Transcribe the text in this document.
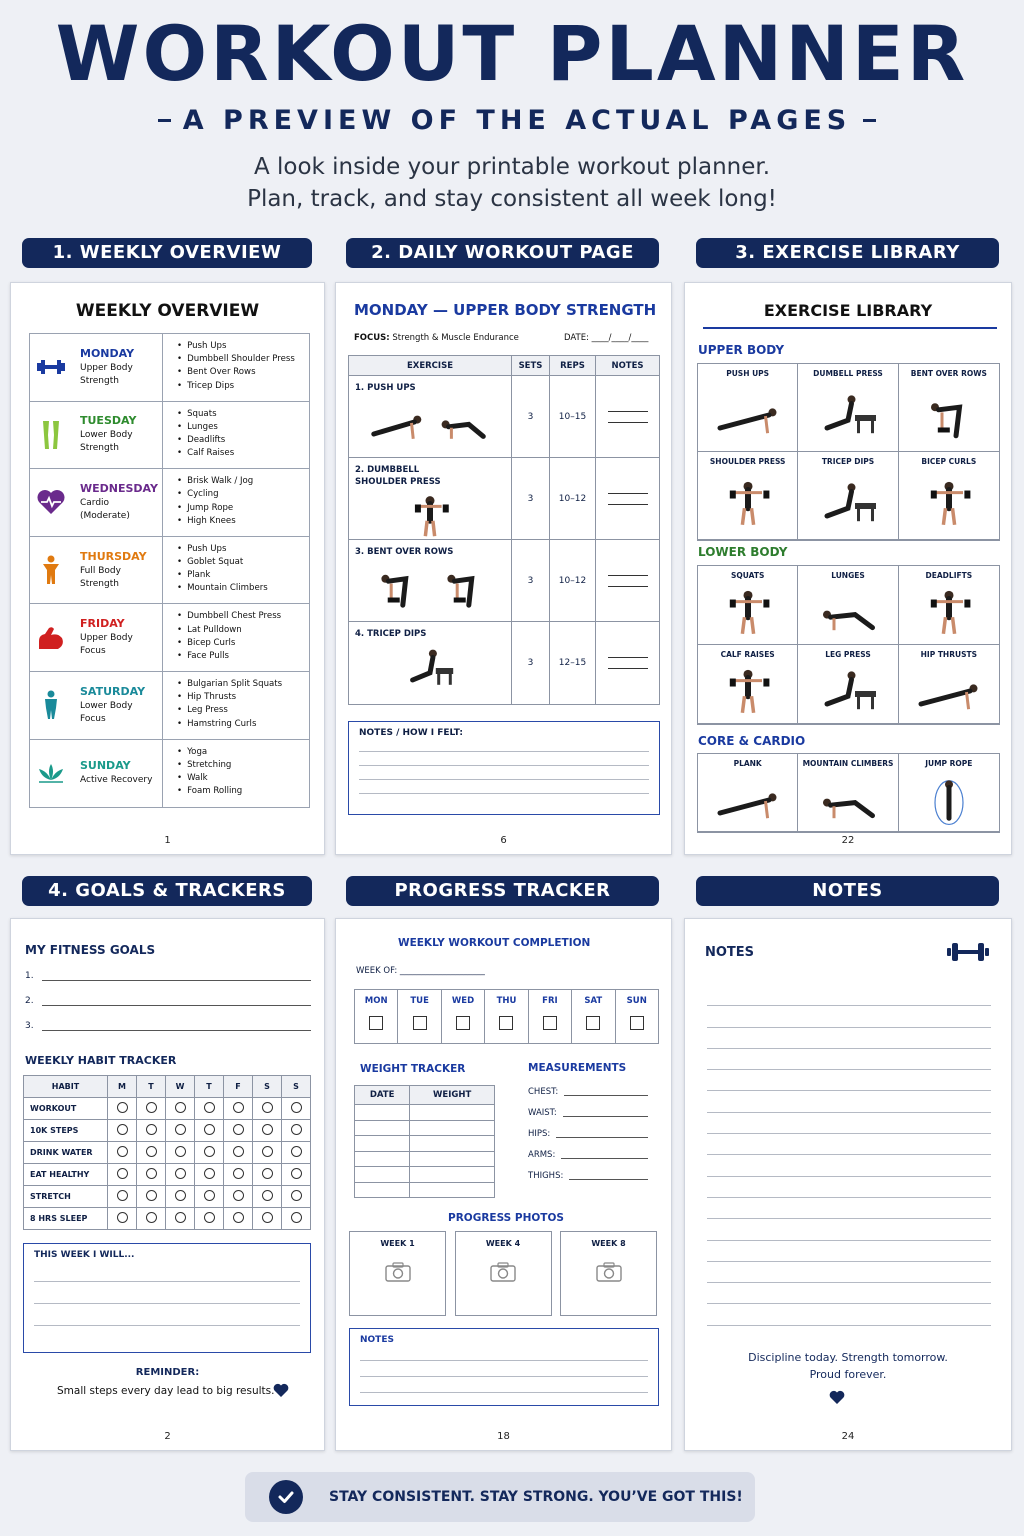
WORKOUT PLANNER
A PREVIEW OF THE ACTUAL PAGES
A look inside your printable workout planner.
Plan, track, and stay consistent all week long!
1. WEEKLY OVERVIEW	2. DAILY WORKOUT PAGE	3. EXERCISE LIBRARY
4. GOALS & TRACKERS	PROGRESS TRACKER	NOTES
WEEKLY OVERVIEW
MONDAY
Upper Body
Strength
• Push Ups
• Dumbbell Shoulder Press
• Bent Over Rows
• Tricep Dips
TUESDAY
Lower Body
Strength
• Squats
• Lunges
• Deadlifts
• Calf Raises
WEDNESDAY
Cardio
(Moderate)
• Brisk Walk / Jog
• Cycling
• Jump Rope
• High Knees
THURSDAY
Full Body
Strength
• Push Ups
• Goblet Squat
• Plank
• Mountain Climbers
FRIDAY
Upper Body
Focus
• Dumbbell Chest Press
• Lat Pulldown
• Bicep Curls
• Face Pulls
SATURDAY
Lower Body
Focus
• Bulgarian Split Squats
• Hip Thrusts
• Leg Press
• Hamstring Curls
SUNDAY
Active Recovery

• Yoga
• Stretching
• Walk
• Foam Rolling
1
MONDAY — UPPER BODY STRENGTH
FOCUS: Strength & Muscle Endurance	DATE: ____/____/____
EXERCISE	SETS	REPS	NOTES
1. PUSH UPS
3	10–15
2. DUMBBELL
SHOULDER PRESS
3	10–12
3. BENT OVER ROWS
3	10–12
4. TRICEP DIPS
3	12–15
NOTES / HOW I FELT:
6
EXERCISE LIBRARY
UPPER BODY
PUSH UPS	DUMBELL PRESS	BENT OVER ROWS
SHOULDER PRESS	TRICEP DIPS	BICEP CURLS
LOWER BODY
SQUATS	LUNGES	DEADLIFTS
CALF RAISES	LEG PRESS	HIP THRUSTS
CORE & CARDIO
PLANK	MOUNTAIN CLIMBERS	JUMP ROPE
22
MY FITNESS GOALS
1.
2.
3.
WEEKLY HABIT TRACKER
HABIT	M	T	W	T	F	S	S
WORKOUT							
10K STEPS							
DRINK WATER							
EAT HEALTHY							
STRETCH							
8 HRS SLEEP							
THIS WEEK I WILL...
REMINDER:
Small steps every day lead to big results.
2
WEEKLY WORKOUT COMPLETION
WEEK OF: ____________________
MON	TUE	WED	THU	FRI	SAT	SUN
WEIGHT TRACKER
DATE	WEIGHT

MEASUREMENTS
CHEST:
WAIST:
HIPS:
ARMS:
THIGHS:
PROGRESS PHOTOS
WEEK 1	WEEK 4	WEEK 8
NOTES
18
NOTES
Discipline today. Strength tomorrow.
Proud forever.
24
STAY CONSISTENT. STAY STRONG. YOU’VE GOT THIS!
